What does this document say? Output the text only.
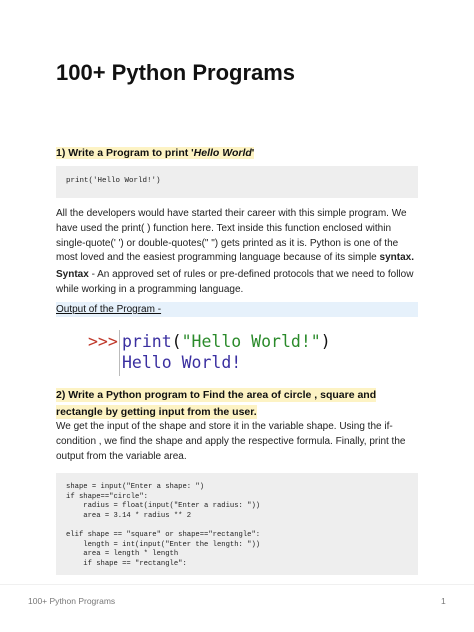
100+ Python Programs
1) Write a Program to print 'Hello World'
print('Hello World!')
All the developers would have started their career with this simple program. We have used the print( ) function here. Text inside this function enclosed within single-quote(' ') or double-quotes(" ") gets printed as it is. Python is one of the most loved and the easiest programming language because of its simple syntax.
Syntax - An approved set of rules or pre-defined protocols that we need to follow while working in a programming language.
Output of the Program -
>>> print("Hello World!")
Hello World!
2) Write a Python program to Find the area of circle , square and rectangle by getting input from the user.
We get the input of the shape and store it in the variable shape. Using the if-condition , we find the shape and apply the respective formula. Finally, print the output from the variable area.
shape = input("Enter a shape: ")
if shape=="circle":
radius = float(input("Enter a radius: "))
area = 3.14 * radius ** 2

elif shape == "square" or shape=="rectangle":
length = int(input("Enter the length: "))
area = length * length
if shape == "rectangle":
100+ Python Programs	1
